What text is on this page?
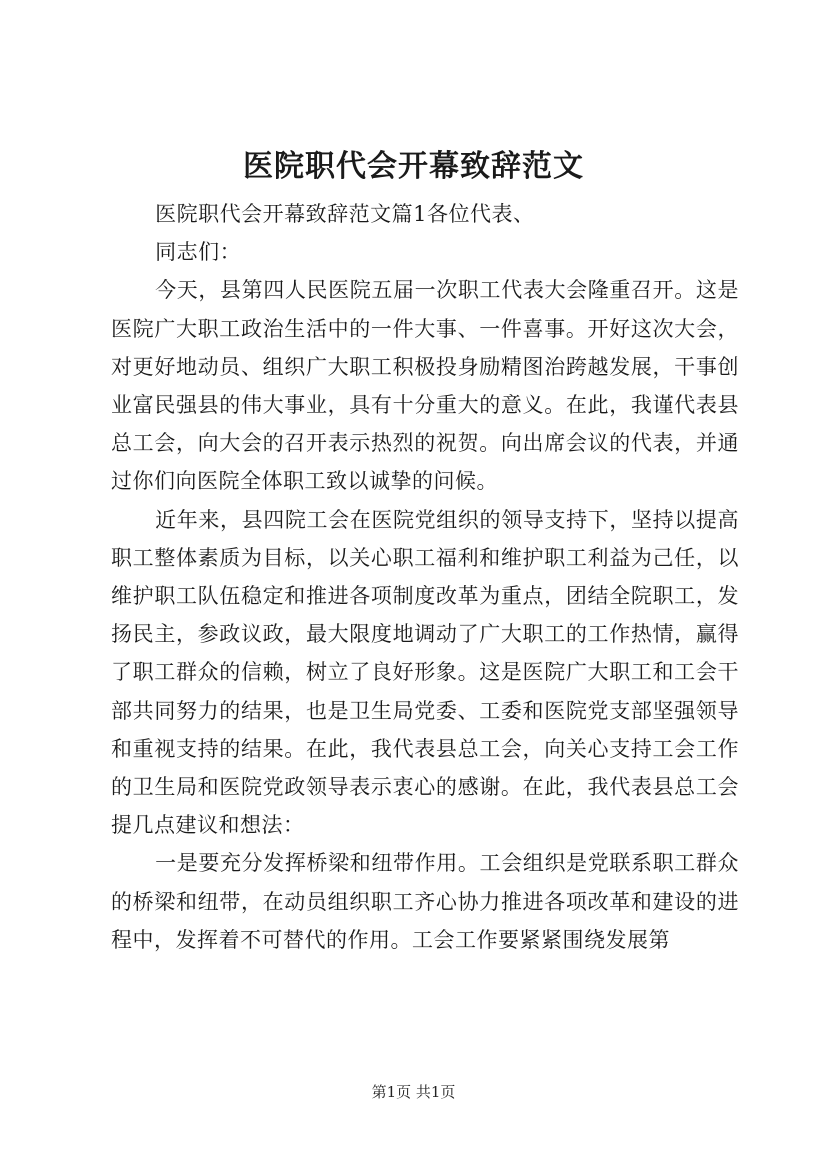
医院职代会开幕致辞范文

医院职代会开幕致辞范文篇1各位代表、

同志们：

今天，县第四人民医院五届一次职工代表大会隆重召开。这是医院广大职工政治生活中的一件大事、一件喜事。开好这次大会，对更好地动员、组织广大职工积极投身励精图治跨越发展，干事创业富民强县的伟大事业，具有十分重大的意义。在此，我谨代表县总工会，向大会的召开表示热烈的祝贺。向出席会议的代表，并通过你们向医院全体职工致以诚挚的问候。

近年来，县四院工会在医院党组织的领导支持下，坚持以提高职工整体素质为目标，以关心职工福利和维护职工利益为己任，以维护职工队伍稳定和推进各项制度改革为重点，团结全院职工，发扬民主，参政议政，最大限度地调动了广大职工的工作热情，赢得了职工群众的信赖，树立了良好形象。这是医院广大职工和工会干部共同努力的结果，也是卫生局党委、工委和医院党支部坚强领导和重视支持的结果。在此，我代表县总工会，向关心支持工会工作的卫生局和医院党政领导表示衷心的感谢。在此，我代表县总工会提几点建议和想法：

一是要充分发挥桥梁和纽带作用。工会组织是党联系职工群众的桥梁和纽带，在动员组织职工齐心协力推进各项改革和建设的进程中，发挥着不可替代的作用。工会工作要紧紧围绕发展第

第1页 共1页
